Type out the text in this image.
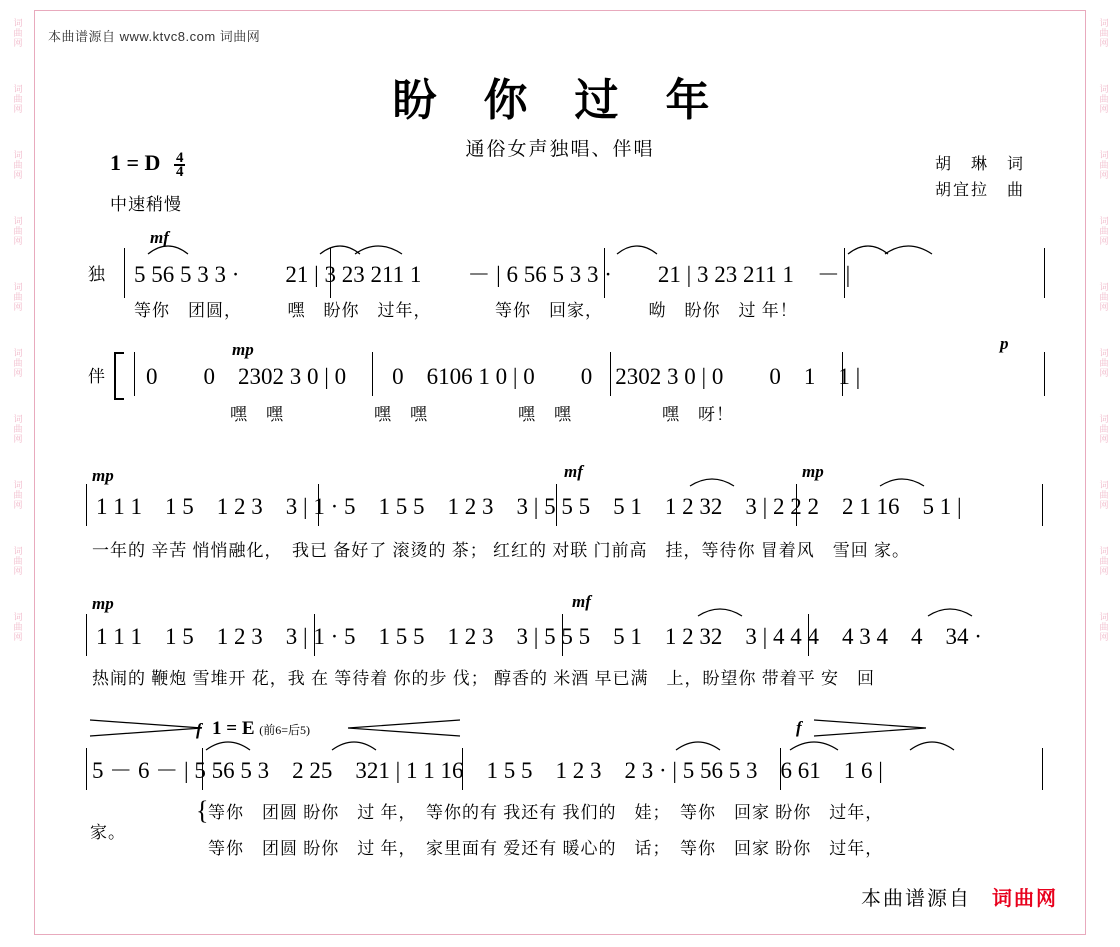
词曲网
词曲网
词曲网
词曲网
词曲网
词曲网
词曲网
词曲网
词曲网
词曲网
词曲网
词曲网
词曲网
词曲网
词曲网
词曲网
词曲网
词曲网
词曲网
词曲网
本曲谱源自 www.ktvc8.com 词曲网
盼 你 过 年
通俗女声独唱、伴唱
1 = D $\frac{4}{4}$
中速稍慢
胡　琳　词
胡宜拉　曲
mf
独 5 56 5 3 3 ·　　21 | 3 23 211 1　　－ | 6 56 5 3 3 ·　　21 | 3 23 211 1　－ |
等你　团圆，　　　嘿　盼你　过年，　　　　等你　回家，　　　呦　盼你　过 年！
mp	p
伴 0　　0　2302 3 0 | 0　　0　6106 1 0 | 0　　0　2302 3 0 | 0　　0　1　1 |
嘿　嘿　　　　　嘿　嘿　　　　　嘿　嘿　　　　　嘿　呀！
mp	mf	mp
1 1 1　1 5　1 2 3　3 | 1 · 5　1 5 5　1 2 3　3 | 5 5 5　5 1　1 2 32　3 | 2 2 2　2 1 16　5 1 |
一年的 辛苦 悄悄融化，　我已 备好了 滚烫的 茶； 红红的 对联 门前高　挂，等待你 冒着风　雪回 家。
mp	mf
1 1 1　1 5　1 2 3　3 | 1 · 5　1 5 5　1 2 3　3 | 5 5 5　5 1　1 2 32　3 | 4 4 4　4 3 4　4　34 ·
热闹的 鞭炮 雪堆开 花，我 在 等待着 你的步 伐； 醇香的 米酒 早已满　上，盼望你 带着平 安　回
f 1 = E (前6=后5)	f
5 － 6 － | 5 56 5 3　2 25　321 | 1 1 16　1 5 5　1 2 3　2 3 · | 5 56 5 3　6 61　1 6 |
家。
{ 等你　团圆 盼你　过 年，　等你的有 我还有 我们的　娃；　等你　回家 盼你　过年，
等你　团圆 盼你　过 年，　家里面有 爱还有 暖心的　话；　等你　回家 盼你　过年，
本曲谱源自 词曲网
